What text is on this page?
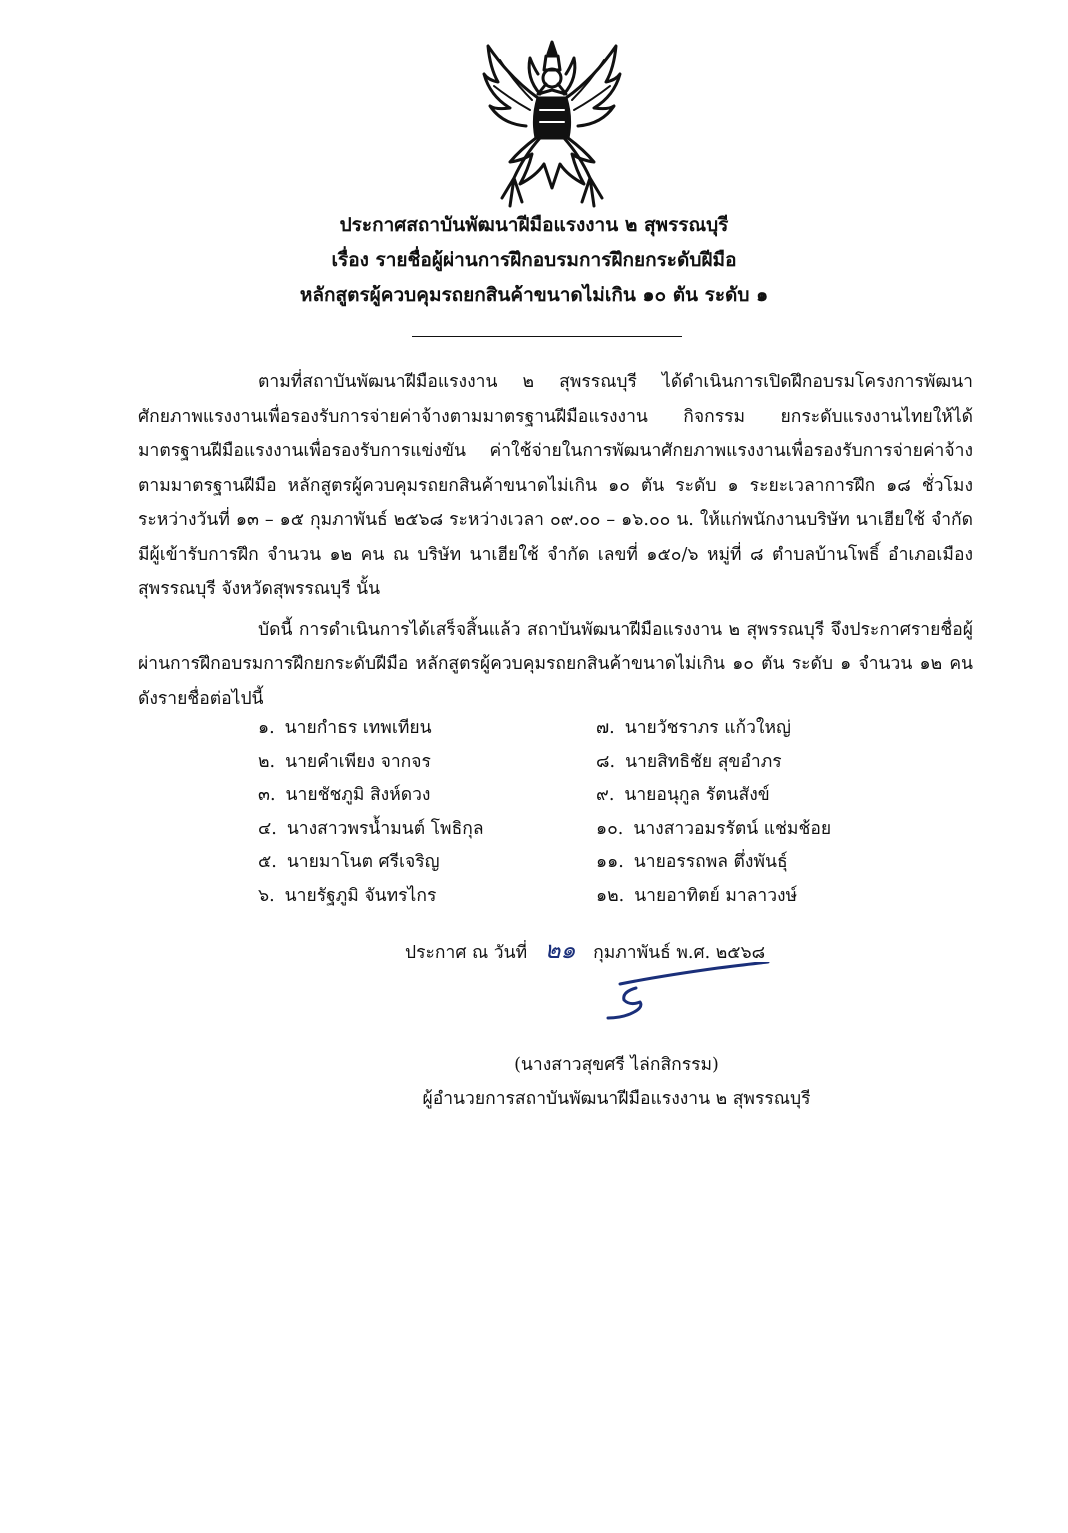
ประกาศสถาบันพัฒนาฝีมือแรงงาน ๒ สุพรรณบุรี
เรื่อง รายชื่อผู้ผ่านการฝึกอบรมการฝึกยกระดับฝีมือ
หลักสูตรผู้ควบคุมรถยกสินค้าขนาดไม่เกิน ๑๐ ตัน ระดับ ๑

ตามที่สถาบันพัฒนาฝีมือแรงงาน ๒ สุพรรณบุรี ได้ดำเนินการเปิดฝึกอบรมโครงการพัฒนาศักยภาพแรงงานเพื่อรองรับการจ่ายค่าจ้างตามมาตรฐานฝีมือแรงงาน กิจกรรม ยกระดับแรงงานไทยให้ได้มาตรฐานฝีมือแรงงานเพื่อรองรับการแข่งขัน ค่าใช้จ่ายในการพัฒนาศักยภาพแรงงานเพื่อรองรับการจ่ายค่าจ้างตามมาตรฐานฝีมือ หลักสูตรผู้ควบคุมรถยกสินค้าขนาดไม่เกิน ๑๐ ตัน ระดับ ๑ ระยะเวลาการฝึก ๑๘ ชั่วโมง ระหว่างวันที่ ๑๓ – ๑๕ กุมภาพันธ์ ๒๕๖๘ ระหว่างเวลา ๐๙.๐๐ – ๑๖.๐๐ น. ให้แก่พนักงานบริษัท นาเฮียใช้ จำกัด มีผู้เข้ารับการฝึก จำนวน ๑๒ คน ณ บริษัท นาเฮียใช้ จำกัด เลขที่ ๑๕๐/๖ หมู่ที่ ๘ ตำบลบ้านโพธิ์ อำเภอเมืองสุพรรณบุรี จังหวัดสุพรรณบุรี นั้น

บัดนี้ การดำเนินการได้เสร็จสิ้นแล้ว สถาบันพัฒนาฝีมือแรงงาน ๒ สุพรรณบุรี จึงประกาศรายชื่อผู้ผ่านการฝึกอบรมการฝึกยกระดับฝีมือ หลักสูตรผู้ควบคุมรถยกสินค้าขนาดไม่เกิน ๑๐ ตัน ระดับ ๑ จำนวน ๑๒ คน ดังรายชื่อต่อไปนี้

๑. นายกำธร เทพเทียน
๒. นายคำเพียง จากจร
๓. นายชัชภูมิ สิงห์ดวง
๔. นางสาวพรน้ำมนต์ โพธิกุล
๕. นายมาโนต ศรีเจริญ
๖. นายรัฐภูมิ จันทรไกร
๗. นายวัชราภร แก้วใหญ่
๘. นายสิทธิชัย สุขอำภร
๙. นายอนุกูล รัตนสังข์
๑๐. นางสาวอมรรัตน์ แช่มช้อย
๑๑. นายอรรถพล ตึ่งพันธุ์
๑๒. นายอาทิตย์ มาลาวงษ์
ประกาศ ณ วันที่ ๒๑ กุมภาพันธ์ พ.ศ. ๒๕๖๘
(นางสาวสุขศรี ไล่กสิกรรม)
ผู้อำนวยการสถาบันพัฒนาฝีมือแรงงาน ๒ สุพรรณบุรี
